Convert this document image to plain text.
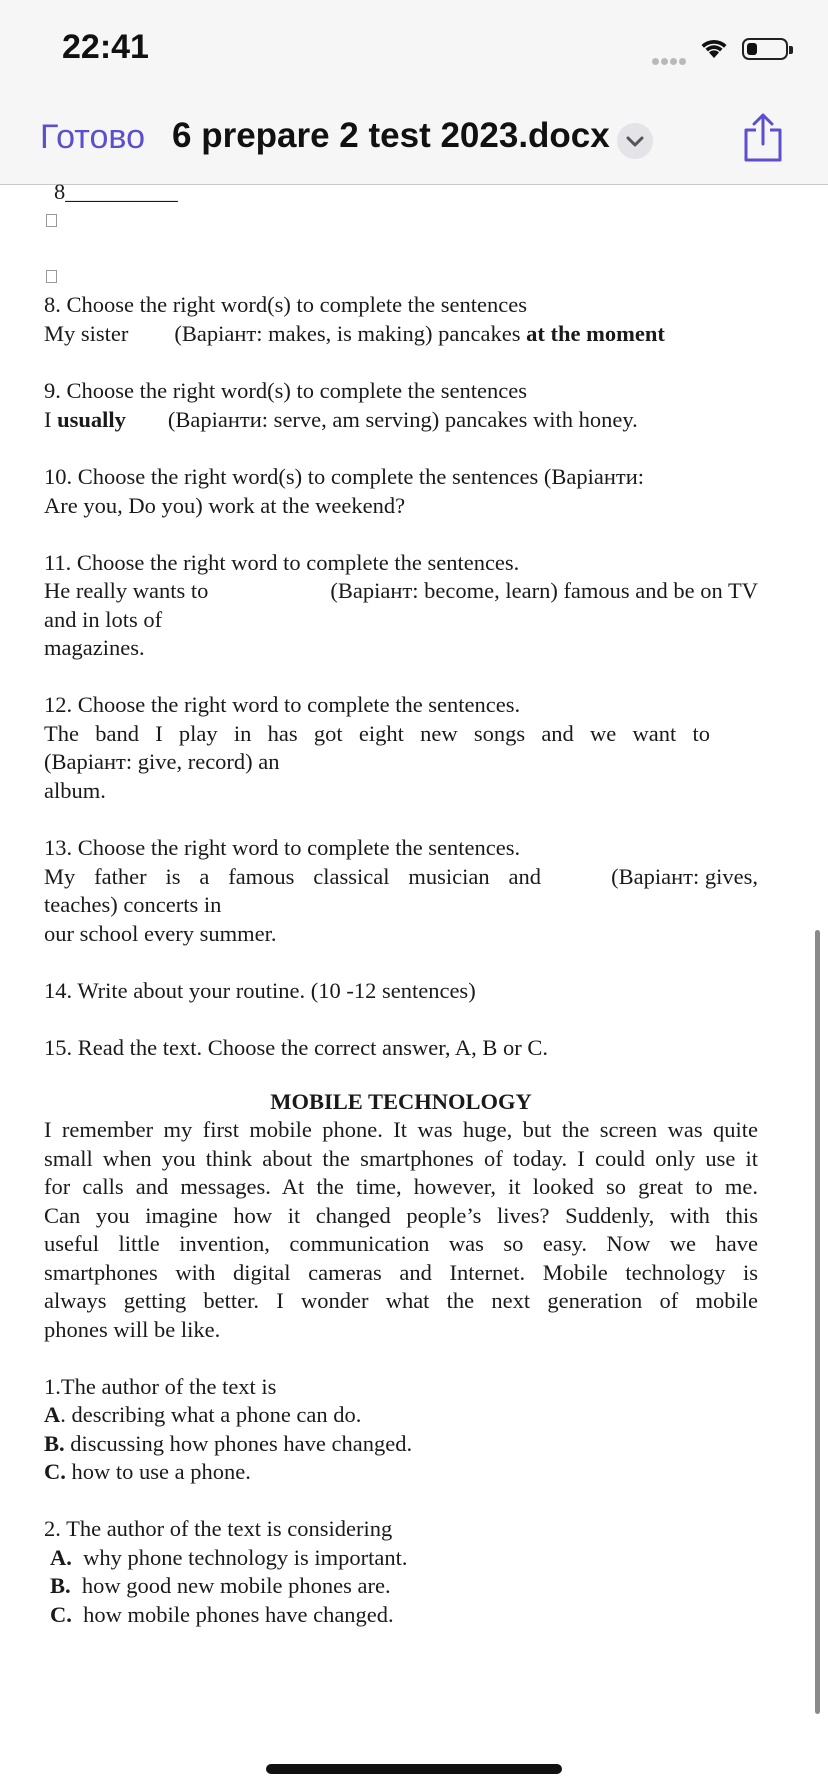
22:41
Готово 6 prepare 2 test 2023.docx
8__________
8. Choose the right word(s) to complete the sentences
My sister (Варіант: makes, is making) pancakes at the moment
9. Choose the right word(s) to complete the sentences
I usually (Варіанти: serve, am serving) pancakes with honey.
10. Choose the right word(s) to complete the sentences (Варіанти:
Are you, Do you) work at the weekend?
11. Choose the right word to complete the sentences.
He really wants to	(Варіант: become, learn) famous and be on TV
and in lots of
magazines.
12. Choose the right word to complete the sentences.
The band I play in has got eight new songs and we want to
(Варіант: give, record) an
album.
13. Choose the right word to complete the sentences.
My father is a famous classical musician and	(Варіант: gives,
teaches) concerts in
our school every summer.
14. Write about your routine. (10 -12 sentences)
15. Read the text. Choose the correct answer, A, B or C.
MOBILE TECHNOLOGY
I remember my first mobile phone. It was huge, but the screen was quite
small when you think about the smartphones of today. I could only use it
for calls and messages. At the time, however, it looked so great to me.
Can you imagine how it changed people’s lives? Suddenly, with this
useful little invention, communication was so easy. Now we have
smartphones with digital cameras and Internet. Mobile technology is
always getting better. I wonder what the next generation of mobile
phones will be like.
1.The author of the text is
A. describing what a phone can do.
B. discussing how phones have changed.
C. how to use a phone.
2. The author of the text is considering
A. why phone technology is important.
B. how good new mobile phones are.
C. how mobile phones have changed.
